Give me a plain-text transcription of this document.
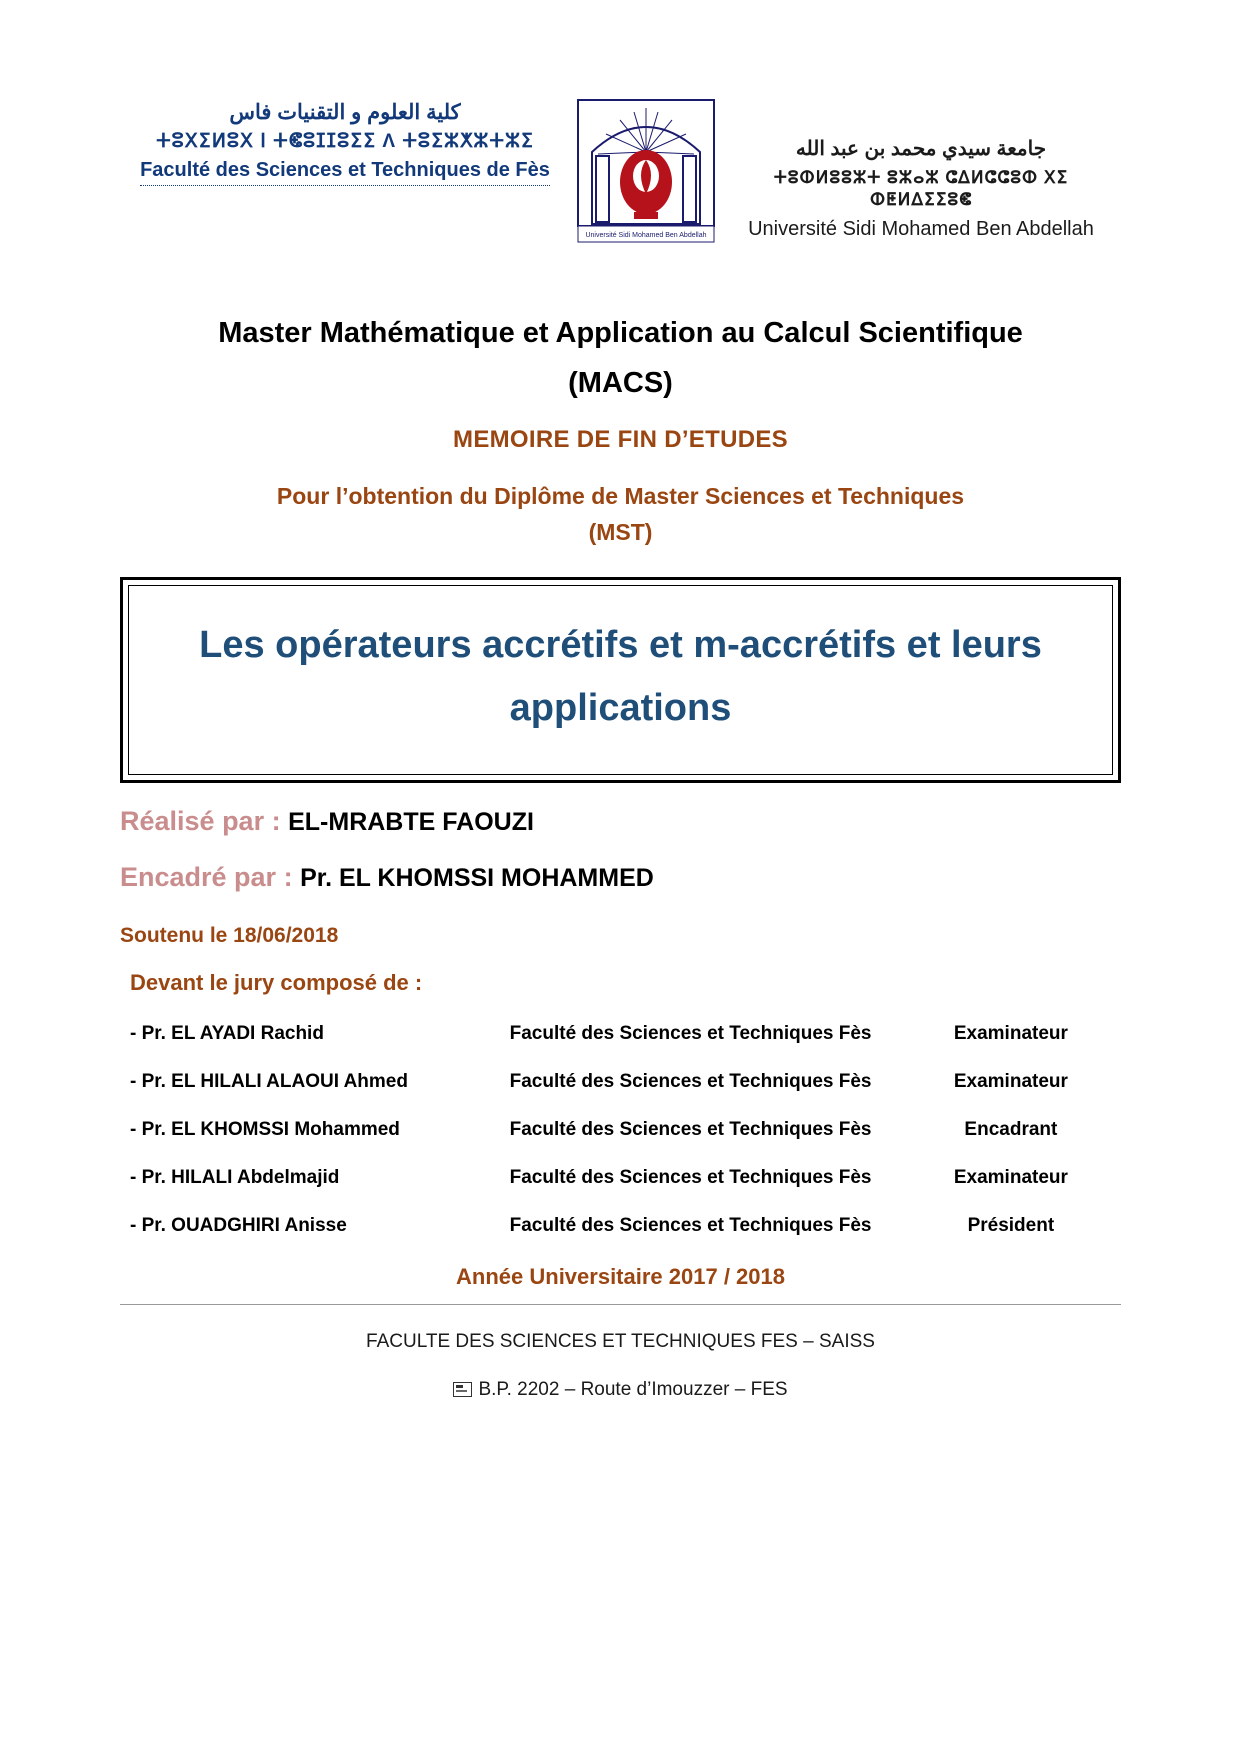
كلية العلوم و التقنيات فاس
ⵜⵓⵝⵉⵍⵓⵝ Ⅰ ⵜⵞⵓⵊⵊⵓⵉⵉ Ʌ ⵜⵓⵉⵣⵅⵣⵜⵣⵉ
Faculté des Sciences et Techniques de Fès
Université Sidi Mohamed Ben Abdellah
جامعة سيدي محمد بن عبد الله
ⵜⵓⵀⵍⵓⵓⵣⵜ ⵓⵣⴰⵣ ⵛⵠⵍⵛⵛⵓⵀ ⵝⵉ ⵀⵟⵍⵠⵉⵉⵓⵞ
Université Sidi Mohamed Ben Abdellah
Master Mathématique et Application au Calcul Scientifique
(MACS)
MEMOIRE DE FIN D’ETUDES
Pour l’obtention du Diplôme de Master Sciences et Techniques
(MST)
Les opérateurs accrétifs et m-accrétifs et leurs applications
Réalisé par : EL-MRABTE FAOUZI
Encadré par : Pr. EL KHOMSSI MOHAMMED
Soutenu le 18/06/2018
Devant le jury composé de :
- Pr. EL AYADI Rachid	Faculté des Sciences et Techniques Fès	Examinateur
- Pr. EL HILALI ALAOUI Ahmed	Faculté des Sciences et Techniques Fès	Examinateur
- Pr. EL KHOMSSI Mohammed	Faculté des Sciences et Techniques Fès	Encadrant
- Pr. HILALI Abdelmajid	Faculté des Sciences et Techniques Fès	Examinateur
- Pr. OUADGHIRI Anisse	Faculté des Sciences et Techniques Fès	Président
Année Universitaire 2017 / 2018
FACULTE DES SCIENCES ET TECHNIQUES FES – SAISS
B.P. 2202 – Route d’Imouzzer – FES
